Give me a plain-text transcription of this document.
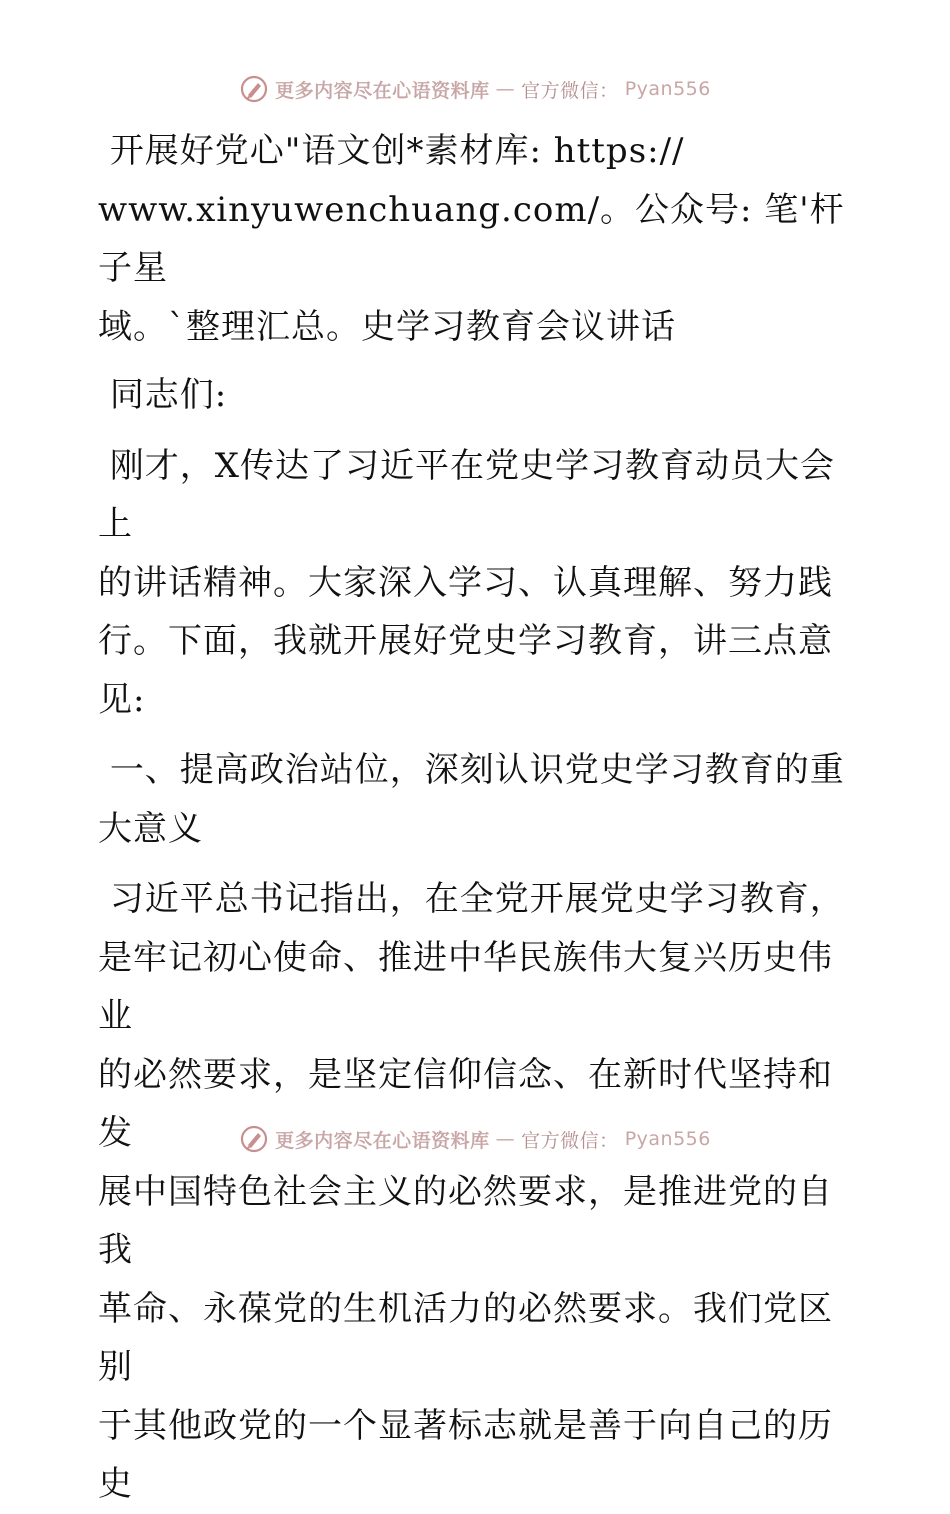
更多内容尽在心语资料库 — 官方微信： Pyan556

开展好党心"语文创*素材库: https://
www.xinyuwenchuang.com/。公众号: 笔'杆子星
域。`整理汇总。史学习教育会议讲话

同志们:

刚才，X传达了习近平在党史学习教育动员大会上
的讲话精神。大家深入学习、认真理解、努力践
行。下面，我就开展好党史学习教育，讲三点意
见:

一、提高政治站位，深刻认识党史学习教育的重
大意义

习近平总书记指出，在全党开展党史学习教育，
是牢记初心使命、推进中华民族伟大复兴历史伟业
的必然要求，是坚定信仰信念、在新时代坚持和发
展中国特色社会主义的必然要求，是推进党的自我
革命、永葆党的生机活力的必然要求。我们党区别
于其他政党的一个显著标志就是善于向自己的历史

更多内容尽在心语资料库 — 官方微信： Pyan556
